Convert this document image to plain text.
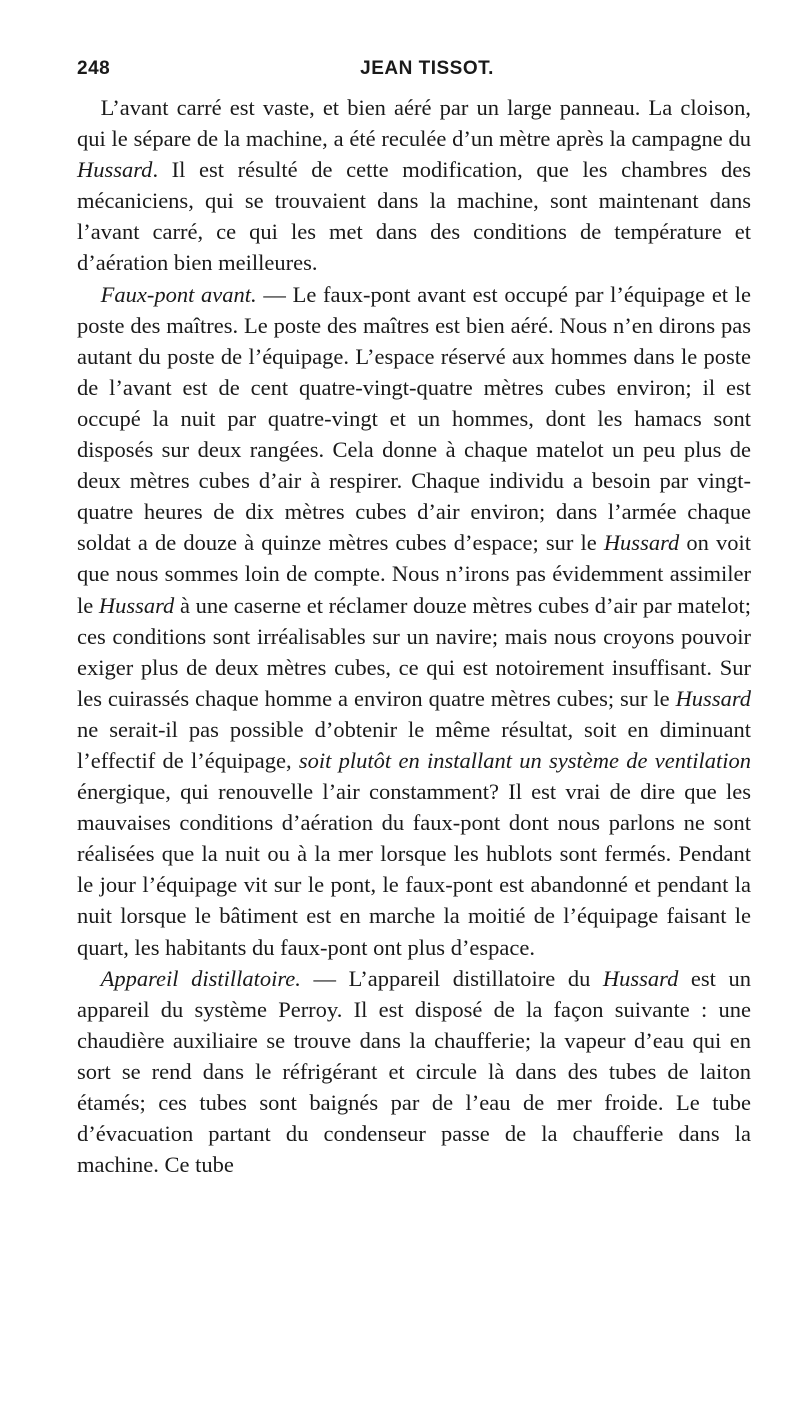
248	JEAN TISSOT.

L’avant carré est vaste, et bien aéré par un large panneau. La cloison, qui le sépare de la machine, a été reculée d’un mètre après la campagne du Hussard. Il est résulté de cette modification, que les chambres des mécaniciens, qui se trouvaient dans la machine, sont maintenant dans l’avant carré, ce qui les met dans des conditions de température et d’aération bien meilleures.

Faux-pont avant. — Le faux-pont avant est occupé par l’équipage et le poste des maîtres. Le poste des maîtres est bien aéré. Nous n’en dirons pas autant du poste de l’équipage. L’espace réservé aux hommes dans le poste de l’avant est de cent quatre-vingt-quatre mètres cubes environ; il est occupé la nuit par quatre-vingt et un hommes, dont les hamacs sont disposés sur deux rangées. Cela donne à chaque matelot un peu plus de deux mètres cubes d’air à respirer. Chaque individu a besoin par vingt-quatre heures de dix mètres cubes d’air environ; dans l’armée chaque soldat a de douze à quinze mètres cubes d’espace; sur le Hussard on voit que nous sommes loin de compte. Nous n’irons pas évidemment assimiler le Hussard à une caserne et réclamer douze mètres cubes d’air par matelot; ces conditions sont irréalisables sur un navire; mais nous croyons pouvoir exiger plus de deux mètres cubes, ce qui est notoirement insuffisant. Sur les cuirassés chaque homme a environ quatre mètres cubes; sur le Hussard ne serait-il pas possible d’obtenir le même résultat, soit en diminuant l’effectif de l’équipage, soit plutôt en installant un système de ventilation énergique, qui renouvelle l’air constamment? Il est vrai de dire que les mauvaises conditions d’aération du faux-pont dont nous parlons ne sont réalisées que la nuit ou à la mer lorsque les hublots sont fermés. Pendant le jour l’équipage vit sur le pont, le faux-pont est abandonné et pendant la nuit lorsque le bâtiment est en marche la moitié de l’équipage faisant le quart, les habitants du faux-pont ont plus d’espace.

Appareil distillatoire. — L’appareil distillatoire du Hussard est un appareil du système Perroy. Il est disposé de la façon suivante : une chaudière auxiliaire se trouve dans la chaufferie; la vapeur d’eau qui en sort se rend dans le réfrigérant et circule là dans des tubes de laiton étamés; ces tubes sont baignés par de l’eau de mer froide. Le tube d’évacuation partant du condenseur passe de la chaufferie dans la machine. Ce tube
